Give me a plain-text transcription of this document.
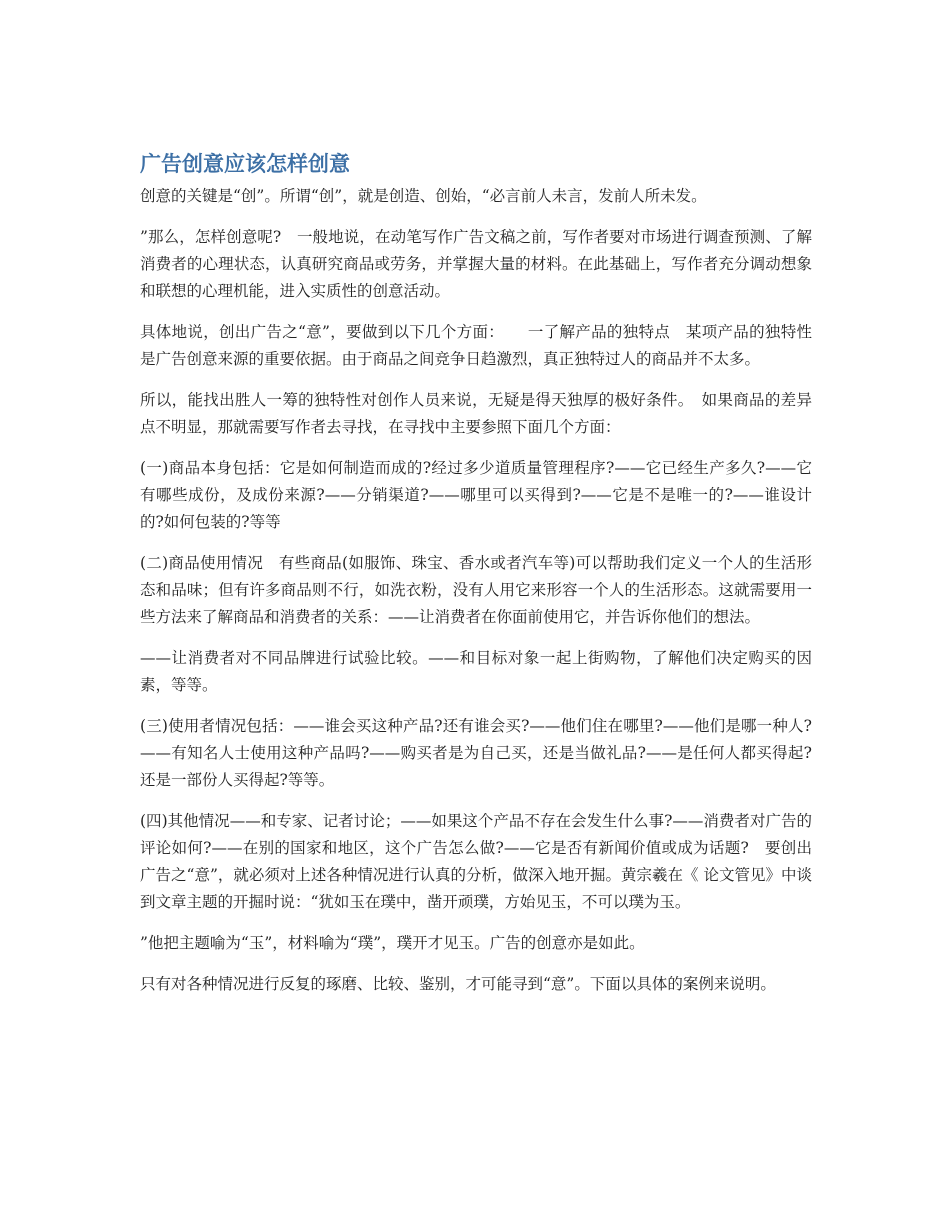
广告创意应该怎样创意

创意的关键是“创”。所谓“创”，就是创造、创始，“必言前人未言，发前人所未发。

”那么，怎样创意呢?　一般地说，在动笔写作广告文稿之前，写作者要对市场进行调查预测、了解消费者的心理状态，认真研究商品或劳务，并掌握大量的材料。在此基础上，写作者充分调动想象和联想的心理机能，进入实质性的创意活动。

具体地说，创出广告之“意”，要做到以下几个方面：　　一了解产品的独特点　某项产品的独特性是广告创意来源的重要依据。由于商品之间竞争日趋激烈，真正独特过人的商品并不太多。

所以，能找出胜人一筹的独特性对创作人员来说，无疑是得天独厚的极好条件。　如果商品的差异点不明显，那就需要写作者去寻找，在寻找中主要参照下面几个方面：

(一)商品本身包括：它是如何制造而成的?经过多少道质量管理程序?——它已经生产多久?——它有哪些成份，及成份来源?——分销渠道?——哪里可以买得到?——它是不是唯一的?——谁设计的?如何包装的?等等

(二)商品使用情况　有些商品(如服饰、珠宝、香水或者汽车等)可以帮助我们定义一个人的生活形态和品味；但有许多商品则不行，如洗衣粉，没有人用它来形容一个人的生活形态。这就需要用一些方法来了解商品和消费者的关系：——让消费者在你面前使用它，并告诉你他们的想法。

——让消费者对不同品牌进行试验比较。——和目标对象一起上街购物，了解他们决定购买的因素，等等。

(三)使用者情况包括：——谁会买这种产品?还有谁会买?——他们住在哪里?——他们是哪一种人?——有知名人士使用这种产品吗?——购买者是为自己买，还是当做礼品?——是任何人都买得起?还是一部份人买得起?等等。

(四)其他情况——和专家、记者讨论；——如果这个产品不存在会发生什么事?——消费者对广告的评论如何?——在别的国家和地区，这个广告怎么做?——它是否有新闻价值或成为话题?　要创出广告之“意”，就必须对上述各种情况进行认真的分析，做深入地开掘。黄宗羲在《 论文管见》中谈到文章主题的开掘时说：“犹如玉在璞中，凿开顽璞，方始见玉，不可以璞为玉。

”他把主题喻为“玉”，材料喻为“璞”，璞开才见玉。广告的创意亦是如此。

只有对各种情况进行反复的琢磨、比较、鉴别，才可能寻到“意”。下面以具体的案例来说明。
